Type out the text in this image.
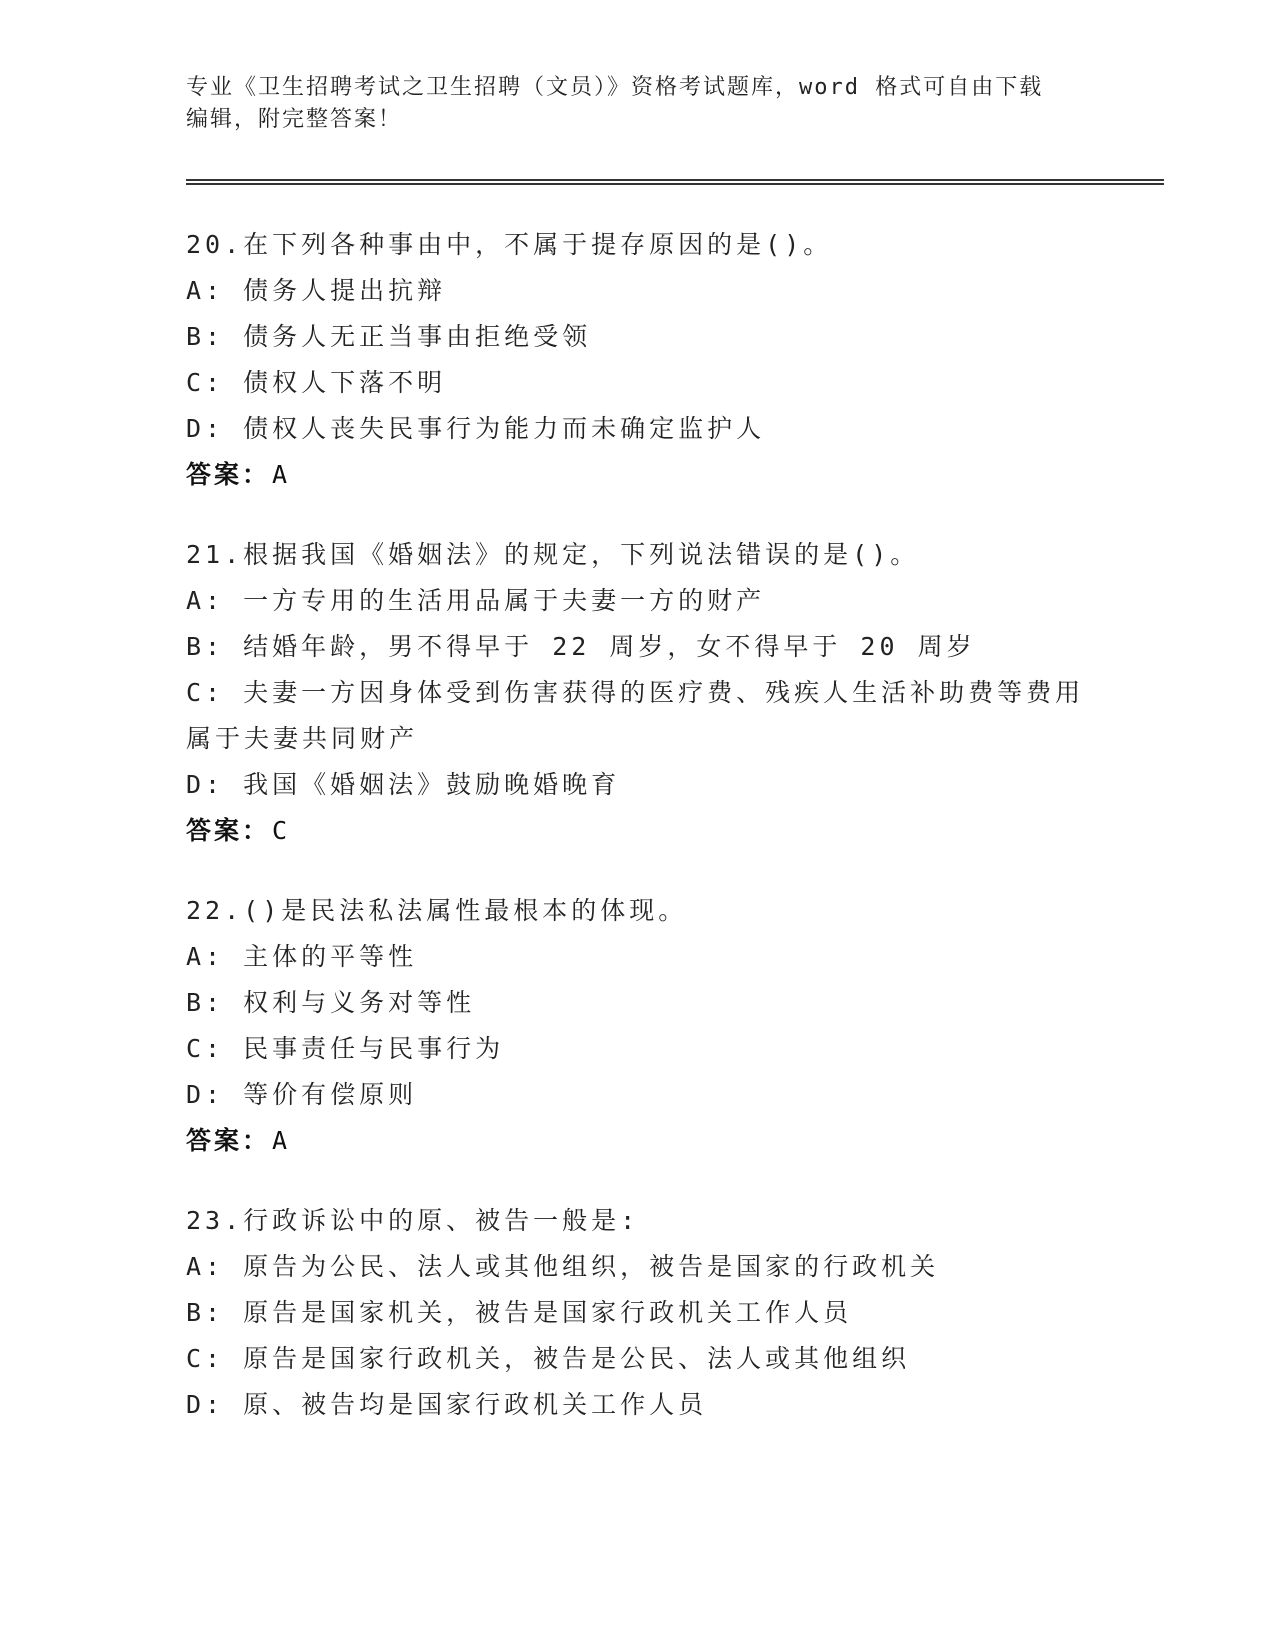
专业《卫生招聘考试之卫生招聘（文员）》资格考试题库，word 格式可自由下载
编辑，附完整答案！
20.在下列各种事由中，不属于提存原因的是()。
A: 债务人提出抗辩
B: 债务人无正当事由拒绝受领
C: 债权人下落不明
D: 债权人丧失民事行为能力而未确定监护人
答案：A
21.根据我国《婚姻法》的规定，下列说法错误的是()。
A: 一方专用的生活用品属于夫妻一方的财产
B: 结婚年龄，男不得早于 22 周岁，女不得早于 20 周岁
C: 夫妻一方因身体受到伤害获得的医疗费、残疾人生活补助费等费用
属于夫妻共同财产
D: 我国《婚姻法》鼓励晚婚晚育
答案：C
22.()是民法私法属性最根本的体现。
A: 主体的平等性
B: 权利与义务对等性
C: 民事责任与民事行为
D: 等价有偿原则
答案：A
23.行政诉讼中的原、被告一般是:
A: 原告为公民、法人或其他组织，被告是国家的行政机关
B: 原告是国家机关，被告是国家行政机关工作人员
C: 原告是国家行政机关，被告是公民、法人或其他组织
D: 原、被告均是国家行政机关工作人员
